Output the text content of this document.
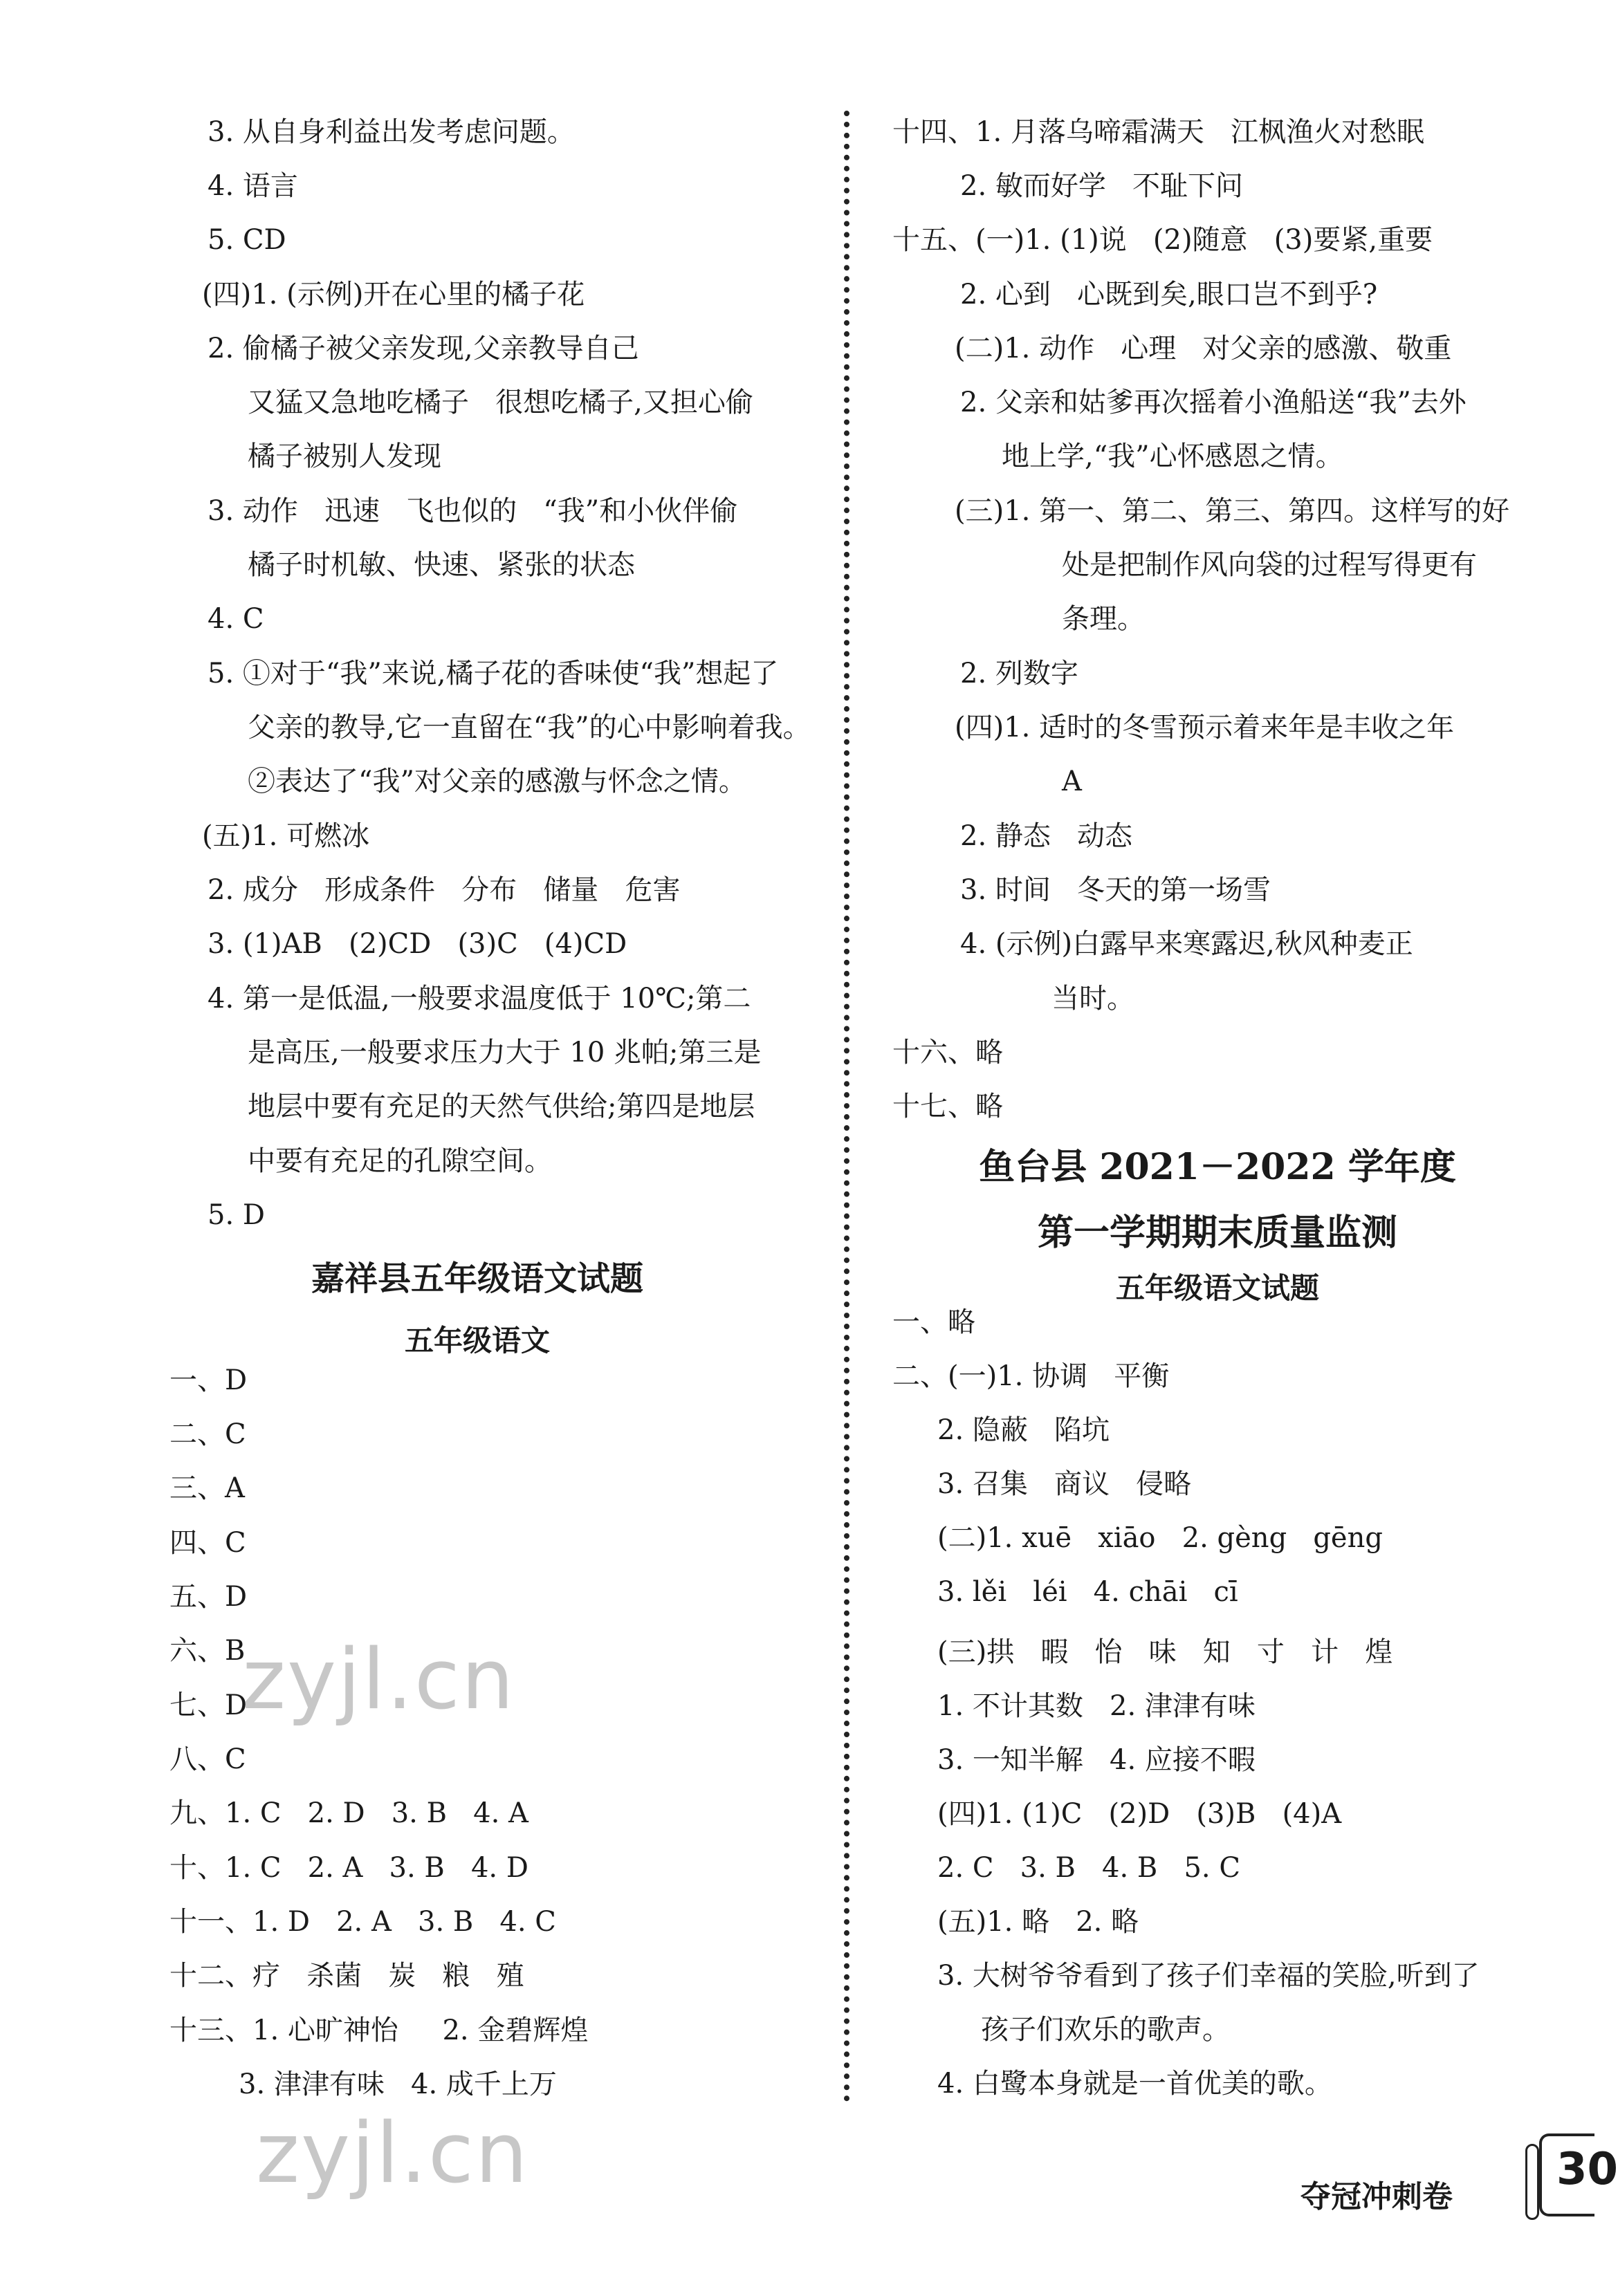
3. 从自身利益出发考虑问题。
4. 语言
5. CD
(四)1. (示例)开在心里的橘子花
2. 偷橘子被父亲发现,父亲教导自己
又猛又急地吃橘子   很想吃橘子,又担心偷
橘子被别人发现
3. 动作   迅速   飞也似的   “我”和小伙伴偷
橘子时机敏、快速、紧张的状态
4. C
5. ①对于“我”来说,橘子花的香味使“我”想起了
父亲的教导,它一直留在“我”的心中影响着我。
②表达了“我”对父亲的感激与怀念之情。
(五)1. 可燃冰
2. 成分   形成条件   分布   储量   危害
3. (1)AB   (2)CD   (3)C   (4)CD
4. 第一是低温,一般要求温度低于 10℃;第二
是高压,一般要求压力大于 10 兆帕;第三是
地层中要有充足的天然气供给;第四是地层
中要有充足的孔隙空间。
5. D
嘉祥县五年级语文试题
五年级语文
一、D
二、C
三、A
四、C
五、D
六、B
七、D
八、C
九、1. C   2. D   3. B   4. A
十、1. C   2. A   3. B   4. D
十一、1. D   2. A   3. B   4. C
十二、疗   杀菌   炭   粮   殖
十三、1. 心旷神怡     2. 金碧辉煌
3. 津津有味   4. 成千上万
十四、1. 月落乌啼霜满天   江枫渔火对愁眠
2. 敏而好学   不耻下问
十五、(一)1. (1)说   (2)随意   (3)要紧,重要
2. 心到   心既到矣,眼口岂不到乎?
(二)1. 动作   心理   对父亲的感激、敬重
2. 父亲和姑爹再次摇着小渔船送“我”去外
地上学,“我”心怀感恩之情。
(三)1. 第一、第二、第三、第四。这样写的好
处是把制作风向袋的过程写得更有
条理。
2. 列数字
(四)1. 适时的冬雪预示着来年是丰收之年
A
2. 静态   动态
3. 时间   冬天的第一场雪
4. (示例)白露早来寒露迟,秋风种麦正
当时。
十六、略
十七、略
鱼台县 2021－2022 学年度
第一学期期末质量监测
五年级语文试题
一、略
二、(一)1. 协调   平衡
2. 隐蔽   陷坑
3. 召集   商议   侵略
(二)1. xuē   xiāo   2. gèng   gēng
3. lěi   léi   4. chāi   cī
(三)拱   暇   怡   味   知   寸   计   煌
1. 不计其数   2. 津津有味
3. 一知半解   4. 应接不暇
(四)1. (1)C   (2)D   (3)B   (4)A
2. C   3. B   4. B   5. C
(五)1. 略   2. 略
3. 大树爷爷看到了孩子们幸福的笑脸,听到了
孩子们欢乐的歌声。
4. 白鹭本身就是一首优美的歌。
zyjl.cn
zyjl.cn	夺冠冲刺卷
30
